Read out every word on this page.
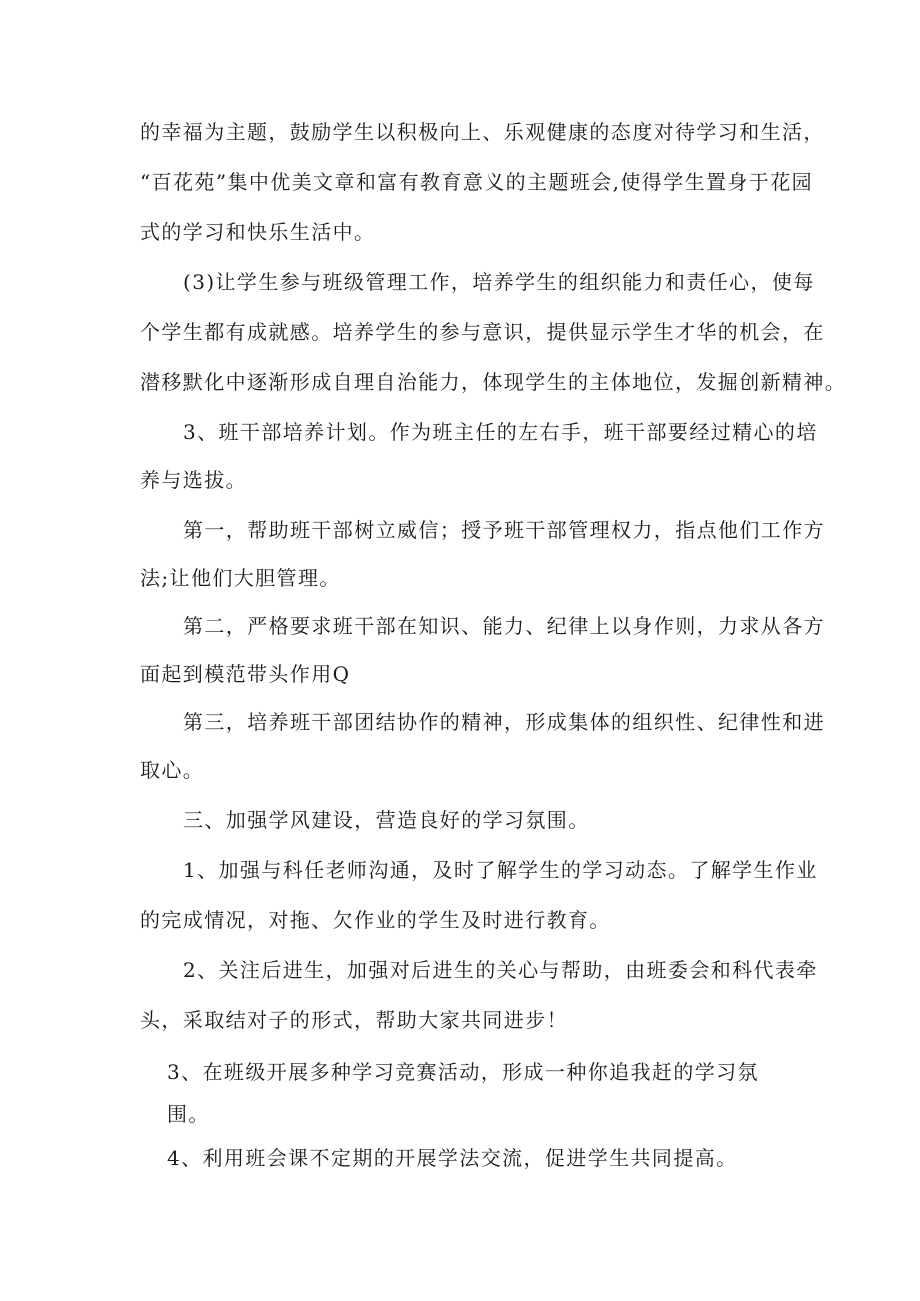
的幸福为主题，鼓励学生以积极向上、乐观健康的态度对待学习和生活，
“百花苑”集中优美文章和富有教育意义的主题班会,使得学生置身于花园
式的学习和快乐生活中。
(3)让学生参与班级管理工作，培养学生的组织能力和责任心，使每
个学生都有成就感。培养学生的参与意识，提供显示学生才华的机会，在
潜移默化中逐渐形成自理自治能力，体现学生的主体地位，发掘创新精神。
3、班干部培养计划。作为班主任的左右手，班干部要经过精心的培
养与选拔。
第一，帮助班干部树立威信；授予班干部管理权力，指点他们工作方
法;让他们大胆管理。
第二，严格要求班干部在知识、能力、纪律上以身作则，力求从各方
面起到模范带头作用Q
第三，培养班干部团结协作的精神，形成集体的组织性、纪律性和进
取心。
三、加强学风建设，营造良好的学习氛围。
1、加强与科任老师沟通，及时了解学生的学习动态。了解学生作业
的完成情况，对拖、欠作业的学生及时进行教育。
2、关注后进生，加强对后进生的关心与帮助，由班委会和科代表牵
头，采取结对子的形式，帮助大家共同进步！
3、在班级开展多种学习竞赛活动，形成一种你追我赶的学习氛
围。
4、利用班会课不定期的开展学法交流，促进学生共同提高。
